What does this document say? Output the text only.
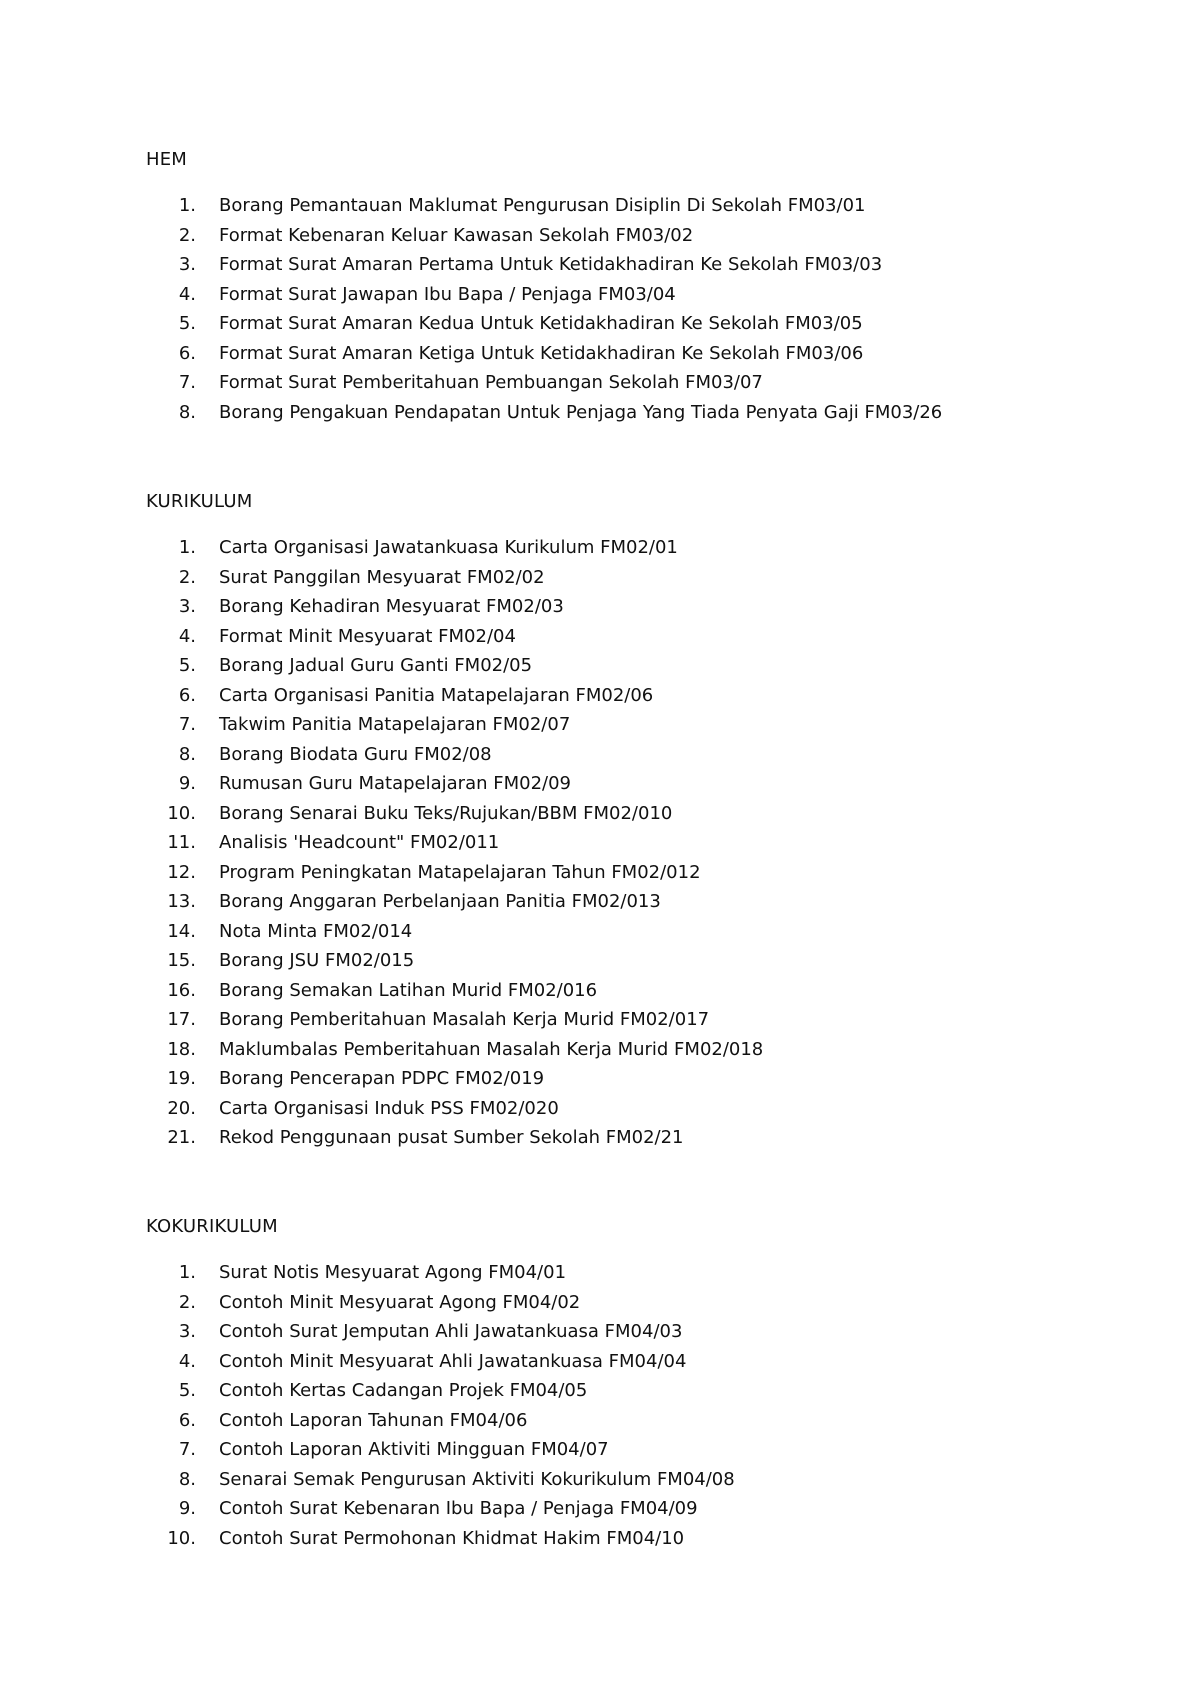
HEM
1. Borang Pemantauan Maklumat Pengurusan Disiplin Di Sekolah FM03/01
2. Format Kebenaran Keluar Kawasan Sekolah FM03/02
3. Format Surat Amaran Pertama Untuk Ketidakhadiran Ke Sekolah FM03/03
4. Format Surat Jawapan Ibu Bapa / Penjaga FM03/04
5. Format Surat Amaran Kedua Untuk Ketidakhadiran Ke Sekolah FM03/05
6. Format Surat Amaran Ketiga Untuk Ketidakhadiran Ke Sekolah FM03/06
7. Format Surat Pemberitahuan Pembuangan Sekolah FM03/07
8. Borang Pengakuan Pendapatan Untuk Penjaga Yang Tiada Penyata Gaji FM03/26
KURIKULUM
1. Carta Organisasi Jawatankuasa Kurikulum FM02/01
2. Surat Panggilan Mesyuarat FM02/02
3. Borang Kehadiran Mesyuarat FM02/03
4. Format Minit Mesyuarat FM02/04
5. Borang Jadual Guru Ganti FM02/05
6. Carta Organisasi Panitia Matapelajaran FM02/06
7. Takwim Panitia Matapelajaran FM02/07
8. Borang Biodata Guru FM02/08
9. Rumusan Guru Matapelajaran FM02/09
10. Borang Senarai Buku Teks/Rujukan/BBM FM02/010
11. Analisis 'Headcount" FM02/011
12. Program Peningkatan Matapelajaran Tahun FM02/012
13. Borang Anggaran Perbelanjaan Panitia FM02/013
14. Nota Minta FM02/014
15. Borang JSU FM02/015
16. Borang Semakan Latihan Murid FM02/016
17. Borang Pemberitahuan Masalah Kerja Murid FM02/017
18. Maklumbalas Pemberitahuan Masalah Kerja Murid FM02/018
19. Borang Pencerapan PDPC FM02/019
20. Carta Organisasi Induk PSS FM02/020
21. Rekod Penggunaan pusat Sumber Sekolah FM02/21
KOKURIKULUM
1. Surat Notis Mesyuarat Agong FM04/01
2. Contoh Minit Mesyuarat Agong FM04/02
3. Contoh Surat Jemputan Ahli Jawatankuasa FM04/03
4. Contoh Minit Mesyuarat Ahli Jawatankuasa FM04/04
5. Contoh Kertas Cadangan Projek FM04/05
6. Contoh Laporan Tahunan FM04/06
7. Contoh Laporan Aktiviti Mingguan FM04/07
8. Senarai Semak Pengurusan Aktiviti Kokurikulum FM04/08
9. Contoh Surat Kebenaran Ibu Bapa / Penjaga FM04/09
10. Contoh Surat Permohonan Khidmat Hakim FM04/10
